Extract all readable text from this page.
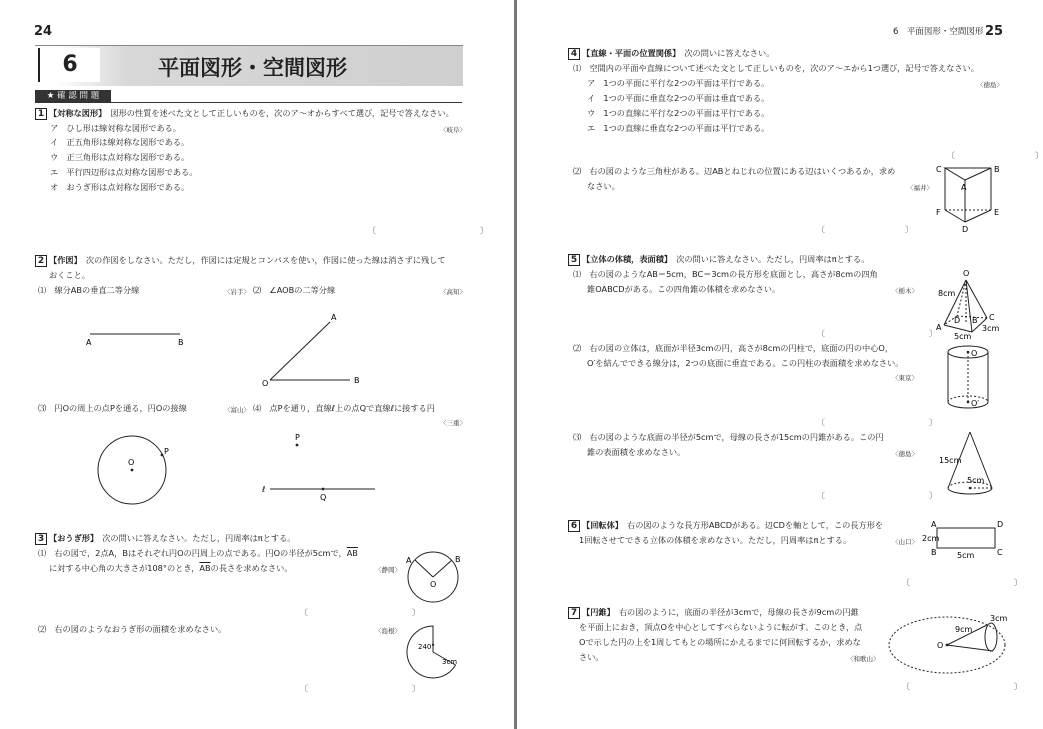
24
6	平面図形・空間図形
★ 確 認 問 題
1 【対称な図形】　 図形の性質を述べた文として正しいものを，次のア～オからすべて選び，記号で答えなさい。
〈岐阜〉
ア　ひし形は線対称な図形である。
イ　正五角形は線対称な図形である。
ウ　正三角形は点対称な図形である。
エ　平行四辺形は点対称な図形である。
オ　おうぎ形は点対称な図形である。
〔　　　　　　　　　　　　　〕
2 【作図】　 次の作図をしなさい。ただし，作図には定規とコンパスを使い，作図に使った線は消さずに残して
おくこと。
⑴　線分ABの垂直二等分線	〈岩手〉 ⑵　∠AOBの二等分線	〈高知〉
A	B
A
B
O
O
P
P
Q
ℓ
⑶　円Oの周上の点Pを通る，円Oの接線	〈富山〉 ⑷　点Pを通り，直線ℓ上の点Qで直線ℓに接する円
〈三重〉
3 【おうぎ形】　 次の問いに答えなさい。ただし，円周率はπとする。
⑴　右の図で，2点A，Bはそれぞれ円Oの円周上の点である。円Oの半径が5cmで，$\overline{AB}$
に対する中心角の大きさが108°のとき，$\overline{AB}$の長さを求めなさい。	〈静岡〉
〔　　　　　　　　　　　　　〕
⑵　右の図のようなおうぎ形の面積を求めなさい。	〈島根〉
〔　　　　　　　　　　　　　〕
A	B
O
240°
3cm
6　平面図形・空間図形 25
4 【直線・平面の位置関係】　 次の問いに答えなさい。
⑴　空間内の平面や直線について述べた文として正しいものを，次のア～エから1つ選び，記号で答えなさい。
〈徳島〉
ア　1つの平面に平行な2つの平面は平行である。
イ　1つの平面に垂直な2つの平面は垂直である。
ウ　1つの直線に平行な2つの平面は平行である。
エ　1つの直線に垂直な2つの平面は平行である。
〔　　　　　　　　　　〕
⑵　右の図のような三角柱がある。辺ABとねじれの位置にある辺はいくつあるか，求め
なさい。	〈福井〉
〔　　　　　　　　　　〕
A
B
C
D
E
F
5 【立体の体積，表面積】　 次の問いに答えなさい。ただし，円周率はπとする。
⑴　右の図のようなAB＝5cm，BC＝3cmの長方形を底面とし，高さが8cmの四角
錐OABCDがある。この四角錐の体積を求めなさい。	〈栃木〉
〔　　　　　　　　　　　　　〕
⑵　右の図の立体は，底面が半径3cmの円，高さが8cmの円柱で，底面の円の中心O，
O′を結んでできる線分は，2つの底面に垂直である。この円柱の表面積を求めなさい。
〈東京〉
〔　　　　　　　　　　　　　〕
⑶　右の図のような底面の半径が5cmで，母線の長さが15cmの円錐がある。この円
錐の表面積を求めなさい。	〈徳島〉
〔　　　　　　　　　　　　　〕
O
A
B C
D
8cm
5cm
3cm
O
O′
15cm
5cm
6 【回転体】　 右の図のような長方形ABCDがある。辺CDを軸として，この長方形を
1回転させてできる立体の体積を求めなさい。ただし，円周率はπとする。	〈山口〉
〔　　　　　　　　　　　　　〕
A
B	C
D
2cm
5cm
7 【円錐】　 右の図のように，底面の半径が3cmで，母線の長さが9cmの円錐
を平面上におき，頂点Oを中心としてすべらないように転がす。このとき，点
Oで示した円の上を1周してもとの場所にかえるまでに何回転するか，求めな
さい。	〈和歌山〉
〔　　　　　　　　　　　　　〕
O
9cm
3cm
